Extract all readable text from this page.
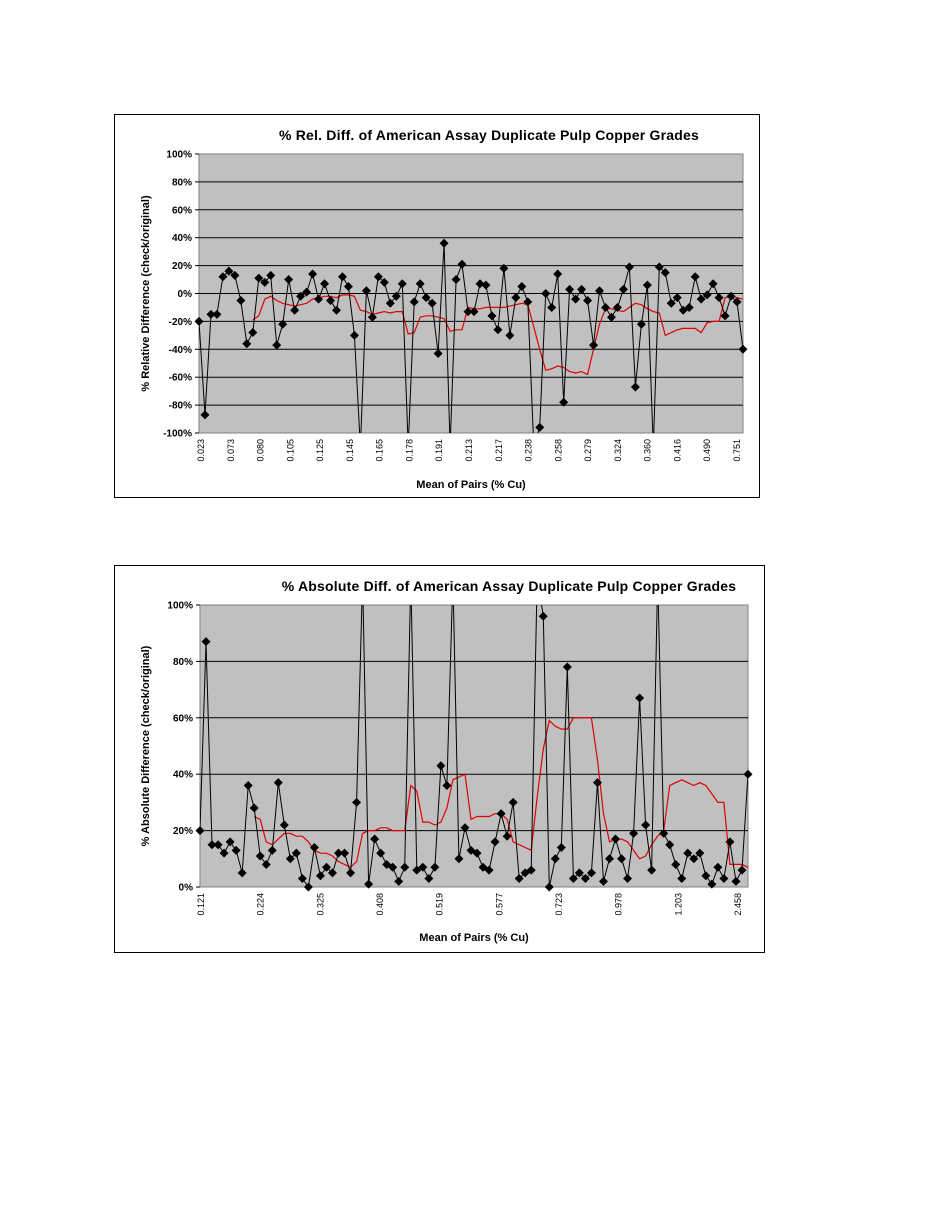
% Rel. Diff. of American Assay Duplicate Pulp Copper Grades
-100%
-80%
-60%
-40%
-20%
0%
20%
40%
60%
80%
100%
0.023 0.073 0.080 0.105 0.125 0.145 0.165 0.178 0.191 0.213 0.217 0.238 0.258 0.279 0.324 0.360 0.416 0.490 0.751
Mean of Pairs (% Cu)
% Relative Difference (check/original)
% Absolute Diff. of American Assay Duplicate Pulp Copper Grades
0%
20%
40%
60%
80%
100%
0.121	0.224	0.325	0.408	0.519	0.577	0.723	0.978	1.203	2.458
Mean of Pairs (% Cu)
% Absolute Difference (check/original)
